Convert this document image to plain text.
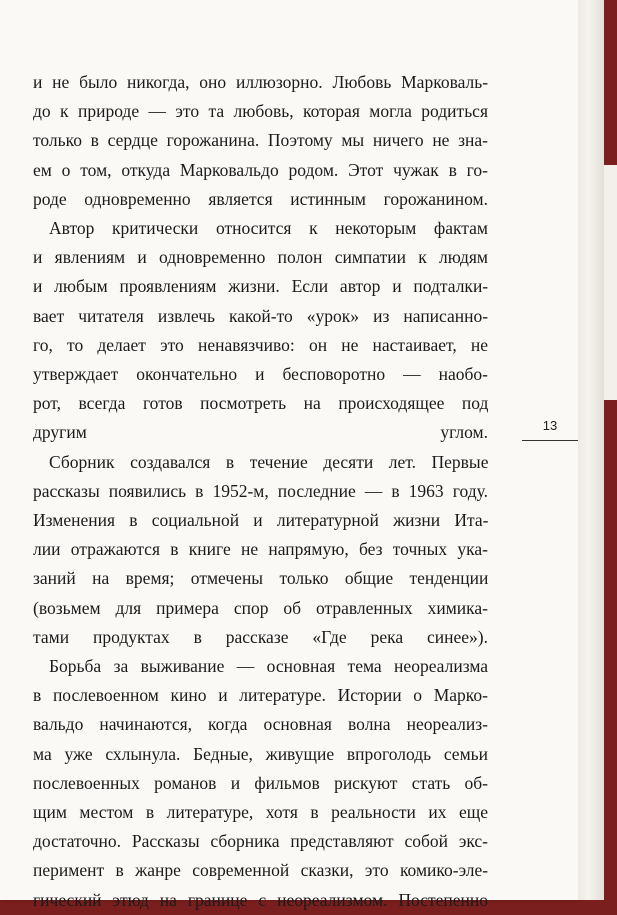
и не было никогда, оно иллюзорно. Любовь Марковаль-
до к природе — это та любовь, которая могла родиться
только в сердце горожанина. Поэтому мы ничего не зна-
ем о том, откуда Марковальдо родом. Этот чужак в го-
роде одновременно является истинным горожанином.
Автор критически относится к некоторым фактам
и явлениям и одновременно полон симпатии к людям
и любым проявлениям жизни. Если автор и подталки-
вает читателя извлечь какой-то «урок» из написанно-
го, то делает это ненавязчиво: он не настаивает, не
утверждает окончательно и бесповоротно — наобо-
рот, всегда готов посмотреть на происходящее под
другим углом.
Сборник создавался в течение десяти лет. Первые
рассказы появились в 1952-м, последние — в 1963 году.
Изменения в социальной и литературной жизни Ита-
лии отражаются в книге не напрямую, без точных ука-
заний на время; отмечены только общие тенденции
(возьмем для примера спор об отравленных химика-
тами продуктах в рассказе «Где река синее»).
Борьба за выживание — основная тема неореализма
в послевоенном кино и литературе. Истории о Марко-
вальдо начинаются, когда основная волна неореализ-
ма уже схлынула. Бедные, живущие впроголодь семьи
послевоенных романов и фильмов рискуют стать об-
щим местом в литературе, хотя в реальности их еще
достаточно. Рассказы сборника представляют собой экс-
перимент в жанре современной сказки, это комико-эле-
гический этюд на границе с неореализмом. Постепенно
13
